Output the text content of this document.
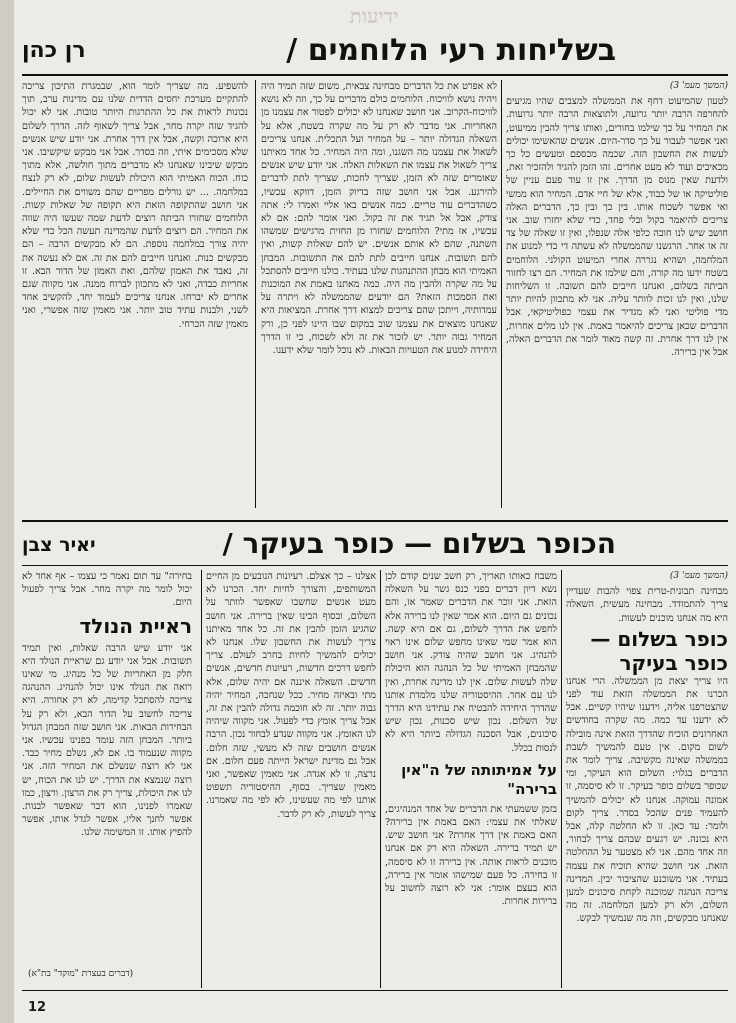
ידיעות
בשליחות רעי הלוחמים /
רן כהן
(המשך מעמ' 3)

לטעון שהמיעוט דחף את הממשלה למצבים שהיו מגיעים להחרפה הרבה יותר גרועה, ולתוצאות הרבה יותר גרועות. את המחיר על כך שילמו בחורים, ואותו צריך להבין ממיעוט, ואני אפשר לעבור על כך סדר-היום. אנשים שהאשימו יכולים לעשות את החשבון הזה. שכמה מכספם ומעשים כל כך מכאיבים ועוד לא מעט אחרים. זהו הזמן להגיד ולהזכיר זאת, ולדעת שאין מנוס מן הדרך. אין זו עוד פעם עניין של פוליטיקה או של כבוד, אלא של חיי אדם. המחיר הוא ממשי ואי אפשר לשכוח אותו. בין כך ובין כך, הדברים האלה צריכים להיאמר בקול ובלי פחד, כדי שלא יחזרו שוב. אני חושב שיש לנו חובה כלפי אלה שנפלו, ואין זו שאלה של צד זה או אחר. הרגשנו שהממשלה לא עשתה די כדי למנוע את המלחמה, ושהיא נגררה אחרי המיעוט הקולני. הלוחמים בשטח ידעו מה קורה, והם שילמו את המחיר. הם רצו לחזור הביתה בשלום, ואנחנו חייבים להם תשובה. זו השליחות שלנו, ואין לנו זכות לוותר עליה. אני לא מתכוון להיות יותר מדי פוליטי ואני לא מגדיר את עצמי כפוליטיקאי, אבל הדברים שכאן צריכים להיאמר באמת. אין לנו מלים אחרות, אין לנו דרך אחרת. זה קשה מאוד לומר את הדברים האלה, אבל אין ברירה.

לא אפרט את כל הדברים מבחינה צבאית, משום שזה תמיד היה ויהיה נושא לוויכוח. הלוחמים כולם מדברים על כך, וזה לא נושא לוויכוח-הקרוב. אני חושב שאנחנו לא יכולים לפטור את עצמנו מן האחריות. אני מדבר לא רק על מה שקרה בשטח, אלא על השאלה הגדולה יותר – על המחיר ועל התכלית. אנחנו צריכים לשאול את עצמנו מה השגנו, ומה היה המחיר. כל אחד מאיתנו צריך לשאול את עצמו את השאלות האלה. אני יודע שיש אנשים שאומרים שזה לא הזמן, שצריך לחכות, שצריך לתת לדברים להירגע. אבל אני חושב שזה בדיוק הזמן, דווקא עכשיו, כשהדברים עוד טריים. כמה אנשים באו אליי ואמרו לי: אתה צודק, אבל אל תגיד את זה בקול. ואני אומר להם: אם לא עכשיו, אז מתי? הלוחמים שחזרו מן החזית מרגישים שמשהו השתנה, שהם לא אותם אנשים. יש להם שאלות קשות, ואין להם תשובות. אנחנו חייבים לתת להם את התשובות. המבחן האמיתי הוא מבחן ההתנהגות שלנו בעתיד. כולנו חייבים להסתכל על מה שקרה ולהבין מה היה. כמה מאתנו באמת את המוכנות ואת הסמכות הזאת? הם יודעים שהממשלה לא ויתרה על עמדותיה, וייתכן שהם צריכים למצוא דרך אחרת. המציאות היא שאנחנו מוצאים את עצמנו שוב במקום שבו היינו לפני כן, ורק המחיר גבוה יותר. יש לזכור את זה ולא לשכוח, כי זו הדרך היחידה למנוע את הטעויות הבאות. לא נוכל לומר שלא ידענו.

להשפיע. מה שצריך לומר הוא, שבמגרת התיכון צריכה להתקיים מערכת יחסים הדדית שלנו עם מדינות ערב, תוך נכונות לראות את כל ההתרגות היותר טובות. אני לא יכול להגיד שזה יקרה מחר, אבל צריך לשאוף לזה. הדרך לשלום היא ארוכה וקשה, אבל אין דרך אחרת. אני יודע שיש אנשים שלא מסכימים איתי, וזה בסדר. אבל אני מבקש שיקשיבו. אני מבקש שיבינו שאנחנו לא מדברים מתוך חולשה, אלא מתוך כוח. הכוח האמיתי הוא היכולת לעשות שלום, לא רק לנצח במלחמה. ... יש גורלים מפריים שהם משווים את החיילים. אני חושב שהתקופה הזאת היא תקופה של שאלות קשות. הלוחמים שחזרו הביתה רוצים לדעת שמה שעשו היה שווה את המחיר. הם רוצים לדעת שהמדינה תעשה הכל כדי שלא יהיה צורך במלחמה נוספת. הם לא מבקשים הרבה – הם מבקשים כנות. ואנחנו חייבים להם את זה. אם לא נעשה את זה, נאבד את האמון שלהם, ואת האמון של הדור הבא. זו אחריות כבדה, ואני לא מתכוון לברוח ממנה. אני מקווה שגם אחרים לא יברחו. אנחנו צריכים לעמוד יחד, להקשיב אחד לשני, ולבנות עתיד טוב יותר. אני מאמין שזה אפשרי, ואני מאמין שזה הכרחי.

הכופר בשלום — כופר בעיקר /
יאיר צבן
(המשך מעמ' 3)

מבחינה תבונית-טרית צפוי להבות שעדיין צריך להתמודד. מבחינה מעשית, השאלה היא מה אנחנו מוכנים לעשות.

כופר בשלום — כופר בעיקר

היו צריך יצאת מן הממשלה. הרי אנחנו הכרנו את הממשלה הזאת עוד לפני שהצטרפנו אליה, וידענו שיהיו קשיים. אבל לא ידענו עד כמה. מה שקרה בחודשים האחרונים הוכיח שהדרך הזאת אינה מובילה לשום מקום. אין טעם להמשיך לשבת בממשלה שאינה מקשיבה. צריך לומר את הדברים בגלוי: השלום הוא העיקר, ומי שכופר בשלום כופר בעיקר. זו לא סיסמה, זו אמונה עמוקה. אנחנו לא יכולים להמשיך להעמיד פנים שהכל בסדר. צריך לקום ולומר: עד כאן. זו לא החלטה קלה, אבל היא נכונה. יש רגעים שבהם צריך לבחור, וזה אחד מהם. אני לא מצטער על ההחלטה הזאת. אני חושב שהיא תוכיח את עצמה בעתיד. אני משוכנע שהציבור יבין. המדינה צריכה הנהגה שמוכנה לקחת סיכונים למען השלום, ולא רק למען המלחמה. זה מה שאנחנו מבקשים, וזה מה שנמשיך לבקש.

משבח כאותו תאריך, רק חשב שנים קודם לכן נשא דיון דברים בפני כנס גשר על השאלה הזאת. אני זוכר את הדברים שאמר אז, והם נכונים גם היום. הוא אמר שאין לנו ברירה אלא לחפש את הדרך לשלום, גם אם היא קשה. הוא אמר שמי שאינו מחפש שלום אינו ראוי להנהיג. אני חושב שהיה צודק. אני חושב שהמבחן האמיתי של כל הנהגה הוא היכולת שלה לעשות שלום. אין לנו מדינה אחרת, ואין לנו עם אחר. ההיסטוריה שלנו מלמדת אותנו שהדרך היחידה להבטיח את עתידנו היא הדרך של השלום. נכון שיש סכנות, נכון שיש סיכונים, אבל הסכנה הגדולה ביותר היא לא לנסות בכלל.

על אמיתותה של ה"אין ברירה"

בזמן ששמעתי את הדברים של אחד המנהיגים, שאלתי את עצמי: האם באמת אין ברירה? האם באמת אין דרך אחרת? אני חושב שיש. יש תמיד ברירה. השאלה היא רק אם אנחנו מוכנים לראות אותה. אין ברירה זו לא סיסמה, זו בחירה. כל פעם שמישהו אומר אין ברירה, הוא בעצם אומר: אני לא רוצה לחשוב על ברירות אחרות.

אצלנו – כך אצלם. רעיונות הנובעים מן החיים המשותפים, והצורך לחיות יחד. הכרנו לא מעט אנשים שחשבו שאפשר לוותר על השלום, ובסוף הבינו שאין ברירה. אני חושב שהגיע הזמן להבין את זה. כל אחד מאיתנו צריך לעשות את החשבון שלו. אנחנו לא יכולים להמשיך לחיות בחרב לעולם. צריך לחפש דרכים חדשות, רעיונות חדשים, אנשים חדשים. השאלה איננה אם יהיה שלום, אלא מתי ובאיזה מחיר. ככל שנחכה, המחיר יהיה גבוה יותר. זה לא חוכמה גדולה להבין את זה, אבל צריך אומץ כדי לפעול. אני מקווה שיהיה לנו האומץ. אני מקווה שנדע לבחור נכון. הרבה אנשים חושבים שזה לא מעשי, שזה חלום. אבל גם מדינת ישראל הייתה פעם חלום. אם נרצה, זו לא אגדה. אני מאמין שאפשר, ואני מאמין שצריך. בסוף, ההיסטוריה תשפוט אותנו לפי מה שעשינו, לא לפי מה שאמרנו. צריך לעשות, לא רק לדבר.

בחירה" עד תום נאמר כי עצמו – אף אחד לא יכול לומר מה יקרה מחר. אבל צריך לפעול היום.

ראיית הנולד

אני יודע שיש הרבה שאלות, ואין תמיד תשובות. אבל אני יודע גם שראיית הנולד היא חלק מן האחריות של כל מנהיג. מי שאינו רואה את הנולד אינו יכול להנהיג. ההנהגה צריכה להסתכל קדימה, לא רק אחורה. היא צריכה לחשוב על הדור הבא, ולא רק על הבחירות הבאות. אני חושב שזה המבחן הגדול ביותר. המבחן הזה עומד בפנינו עכשיו. אני מקווה שנעמוד בו. אם לא, נשלם מחיר כבד. אני לא רוצה שנשלם את המחיר הזה. אני רוצה שנמצא את הדרך. יש לנו את הכוח, יש לנו את היכולת, צריך רק את הרצון. ורצון, כמו שאמרו לפנינו, הוא דבר שאפשר לבנות. אפשר לחנך אליו, אפשר לגדל אותו, אפשר להפיץ אותו. זו המשימה שלנו.

(דברים בעצרת "מוקד" בת"א)
12
